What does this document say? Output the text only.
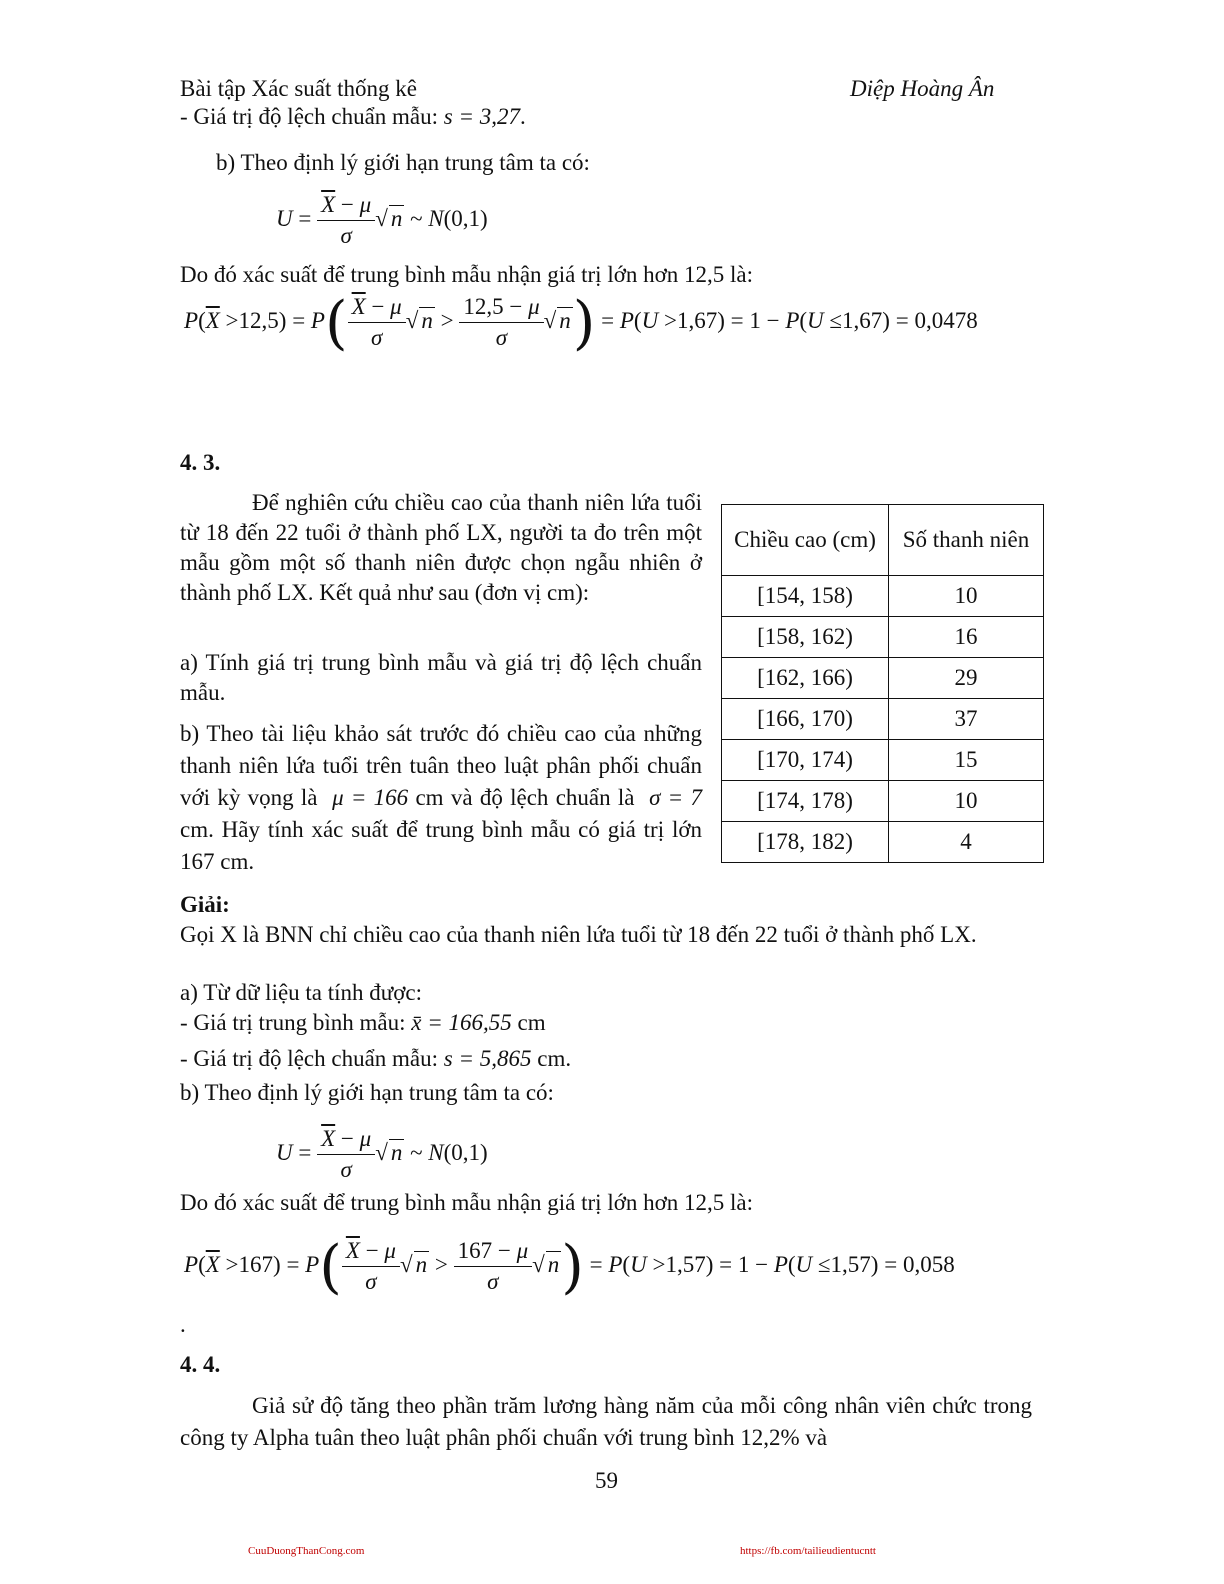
Bài tập Xác suất thống kê	Diệp Hoàng Ân
- Giá trị độ lệch chuẩn mẫu: s = 3,27.
b) Theo định lý giới hạn trung tâm ta có:
$U = \frac{\overline{X} - \mu}{\sigma}$ √ n ~ N(0,1)
Do đó xác suất để trung bình mẫu nhận giá trị lớn hơn 12,5 là:
$P(\overline{X} >12,5) = P( \frac{\overline{X} - \mu}{\sigma}$ √ $n > \frac{12,5 - \mu}{\sigma}$ √ n) = P(U >1,67) = 1 − P(U ≤1,67) = 0,0478
4. 3.
Để nghiên cứu chiều cao của thanh niên lứa tuổi từ 18 đến 22 tuổi ở thành phố LX, người ta đo trên một mẫu gồm một số thanh niên được chọn ngẫu nhiên ở thành phố LX. Kết quả như sau (đơn vị cm):
a) Tính giá trị trung bình mẫu và giá trị độ lệch chuẩn mẫu.
b) Theo tài liệu khảo sát trước đó chiều cao của những thanh niên lứa tuổi trên tuân theo luật phân phối chuẩn với kỳ vọng là μ = 166 cm và độ lệch chuẩn là σ = 7 cm. Hãy tính xác suất để trung bình mẫu có giá trị lớn 167 cm.
Chiều cao (cm)	Số thanh niên
[154, 158)	10
[158, 162)	16
[162, 166)	29
[166, 170)	37
[170, 174)	15
[174, 178)	10
[178, 182)	4
Giải:
Gọi X là BNN chỉ chiều cao của thanh niên lứa tuổi từ 18 đến 22 tuổi ở thành phố LX.
a) Từ dữ liệu ta tính được:
- Giá trị trung bình mẫu: x̄ = 166,55 cm
- Giá trị độ lệch chuẩn mẫu: s = 5,865 cm.
b) Theo định lý giới hạn trung tâm ta có:
$U = \frac{\overline{X} - \mu}{\sigma}$ √ n ~ N(0,1)
Do đó xác suất để trung bình mẫu nhận giá trị lớn hơn 12,5 là:
$P(\overline{X} >167) = P( \frac{\overline{X} - \mu}{\sigma}$ √ $n > \frac{167 - \mu}{\sigma}$ √ n) = P(U >1,57) = 1 − P(U ≤1,57) = 0,058
.
4. 4.
Giả sử độ tăng theo phần trăm lương hàng năm của mỗi công nhân viên chức trong công ty Alpha tuân theo luật phân phối chuẩn với trung bình 12,2% và
59
CuuDuongThanCong.com	https://fb.com/tailieudientucntt
